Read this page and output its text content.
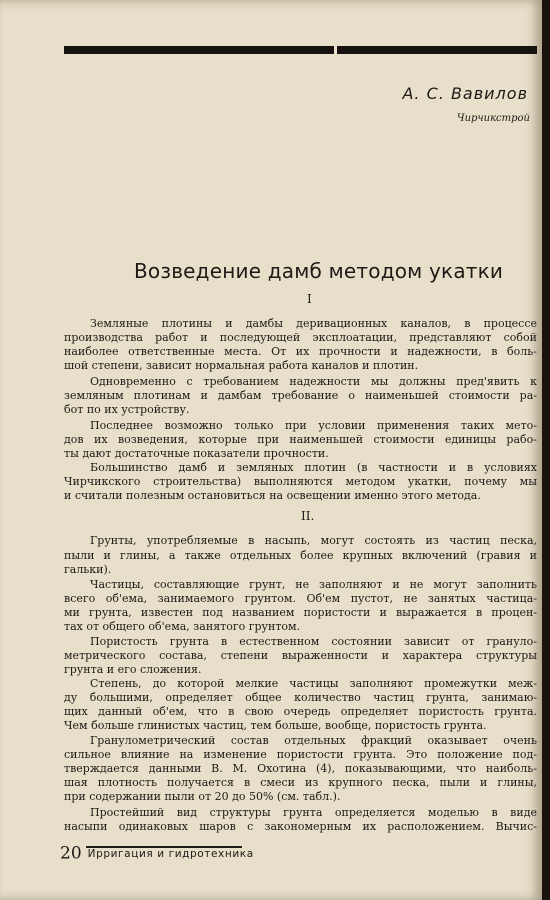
А. С. Вавилов
Чирчикстрой
Возведение дамб методом укатки
I
Земляные плотины и дамбы деривационных каналов, в процессе
производства работ и последующей эксплоатации, представляют собой
наиболее ответственные места. От их прочности и надежности, в боль-
шой степени, зависит нормальная работа каналов и плотин.
Одновременно с требованием надежности мы должны пред'явить к
земляным плотинам и дамбам требование о наименьшей стоимости ра-
бот по их устройству.
Последнее возможно только при условии применения таких мето-
дов их возведения, которые при наименьшей стоимости единицы рабо-
ты дают достаточные показатели прочности.
Большинство дамб и земляных плотин (в частности и в условиях
Чирчикского строительства) выполняются методом укатки, почему мы
и считали полезным остановиться на освещении именно этого метода.
II.
Грунты, употребляемые в насыпь, могут состоять из частиц песка,
пыли и глины, а также отдельных более крупных включений (гравия и
гальки).
Частицы, составляющие грунт, не заполняют и не могут заполнить
всего об'ема, занимаемого грунтом. Об'ем пустот, не занятых частица-
ми грунта, известен под названием пористости и выражается в процен-
тах от общего об'ема, занятого грунтом.
Пористость грунта в естественном состоянии зависит от грануло-
метрического состава, степени выраженности и характера структуры
грунта и его сложения.
Степень, до которой мелкие частицы заполняют промежутки меж-
ду большими, определяет общее количество частиц грунта, занимаю-
щих данный об'ем, что в свою очередь определяет пористость грунта.
Чем больше глинистых частиц, тем больше, вообще, пористость грунта.
Гранулометрический состав отдельных фракций оказывает очень
сильное влияние на изменение пористости грунта. Это положение под-
тверждается данными В. М. Охотина (4), показывающими, что наиболь-
шая плотность получается в смеси из крупного песка, пыли и глины,
при содержании пыли от 20 до 50% (см. табл.).
Простейший вид структуры грунта определяется моделью в виде
насыпи одинаковых шаров с закономерным их расположением. Вычис-
20 Ирригация и гидротехника
